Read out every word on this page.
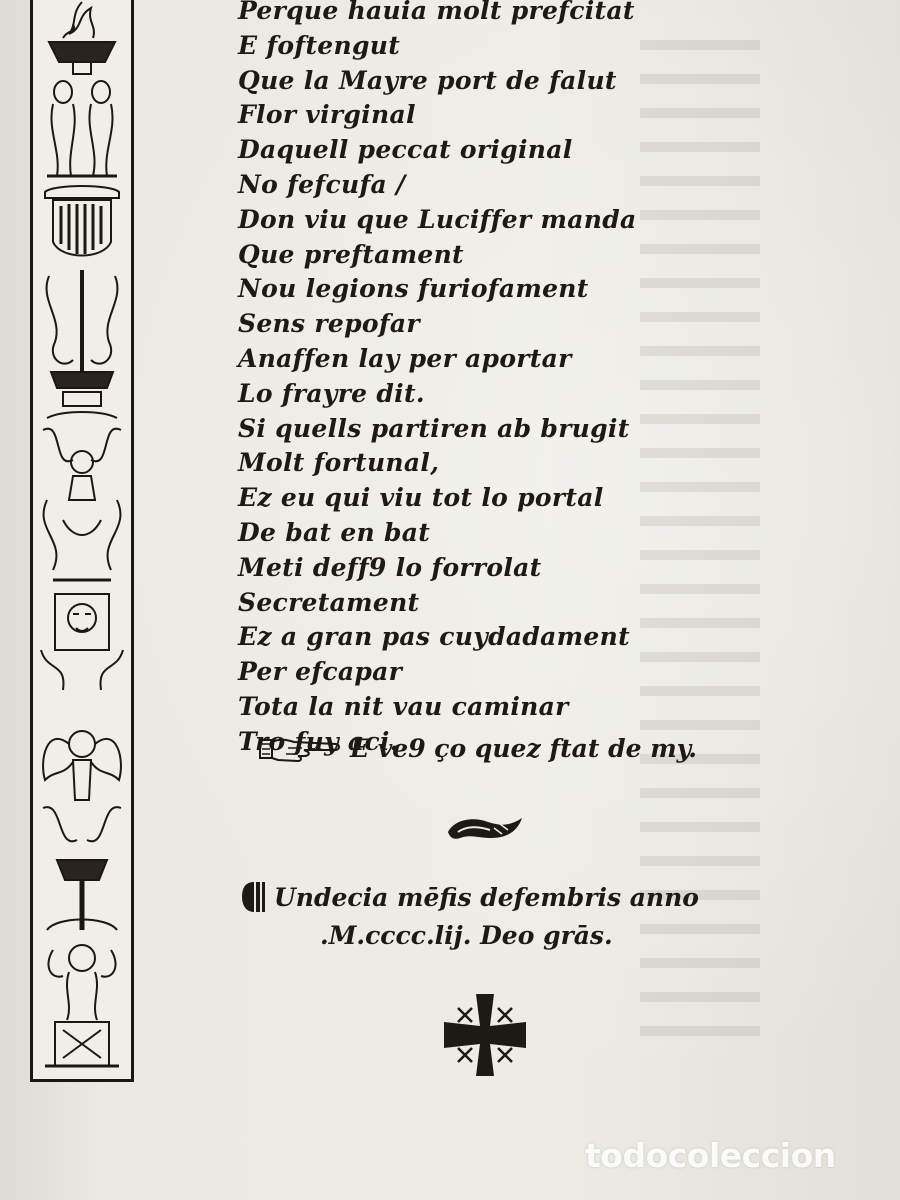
Perque hauia molt prefcitat
E foftengut
Que la Mayre port de falut
Flor virginal
Daquell peccat original
No fefcufa /
Don viu que Luciffer manda
Que preftament
Nou legions furiofament
Sens repofar
Anaffen lay per aportar
Lo frayre dit.
Si quells partiren ab brugit
Molt fortunal,
Ez eu qui viu tot lo portal
De bat en bat
Meti deff9 lo forrolat
Secretament
Ez a gran pas cuydadament
Per efcapar
Tota la nit vau caminar
Tro fuy aci.
E ve9 ço quez ftat de my.
Undecia mēfis defembris anno
.M.cccc.lij. Deo grās.
todocoleccion
